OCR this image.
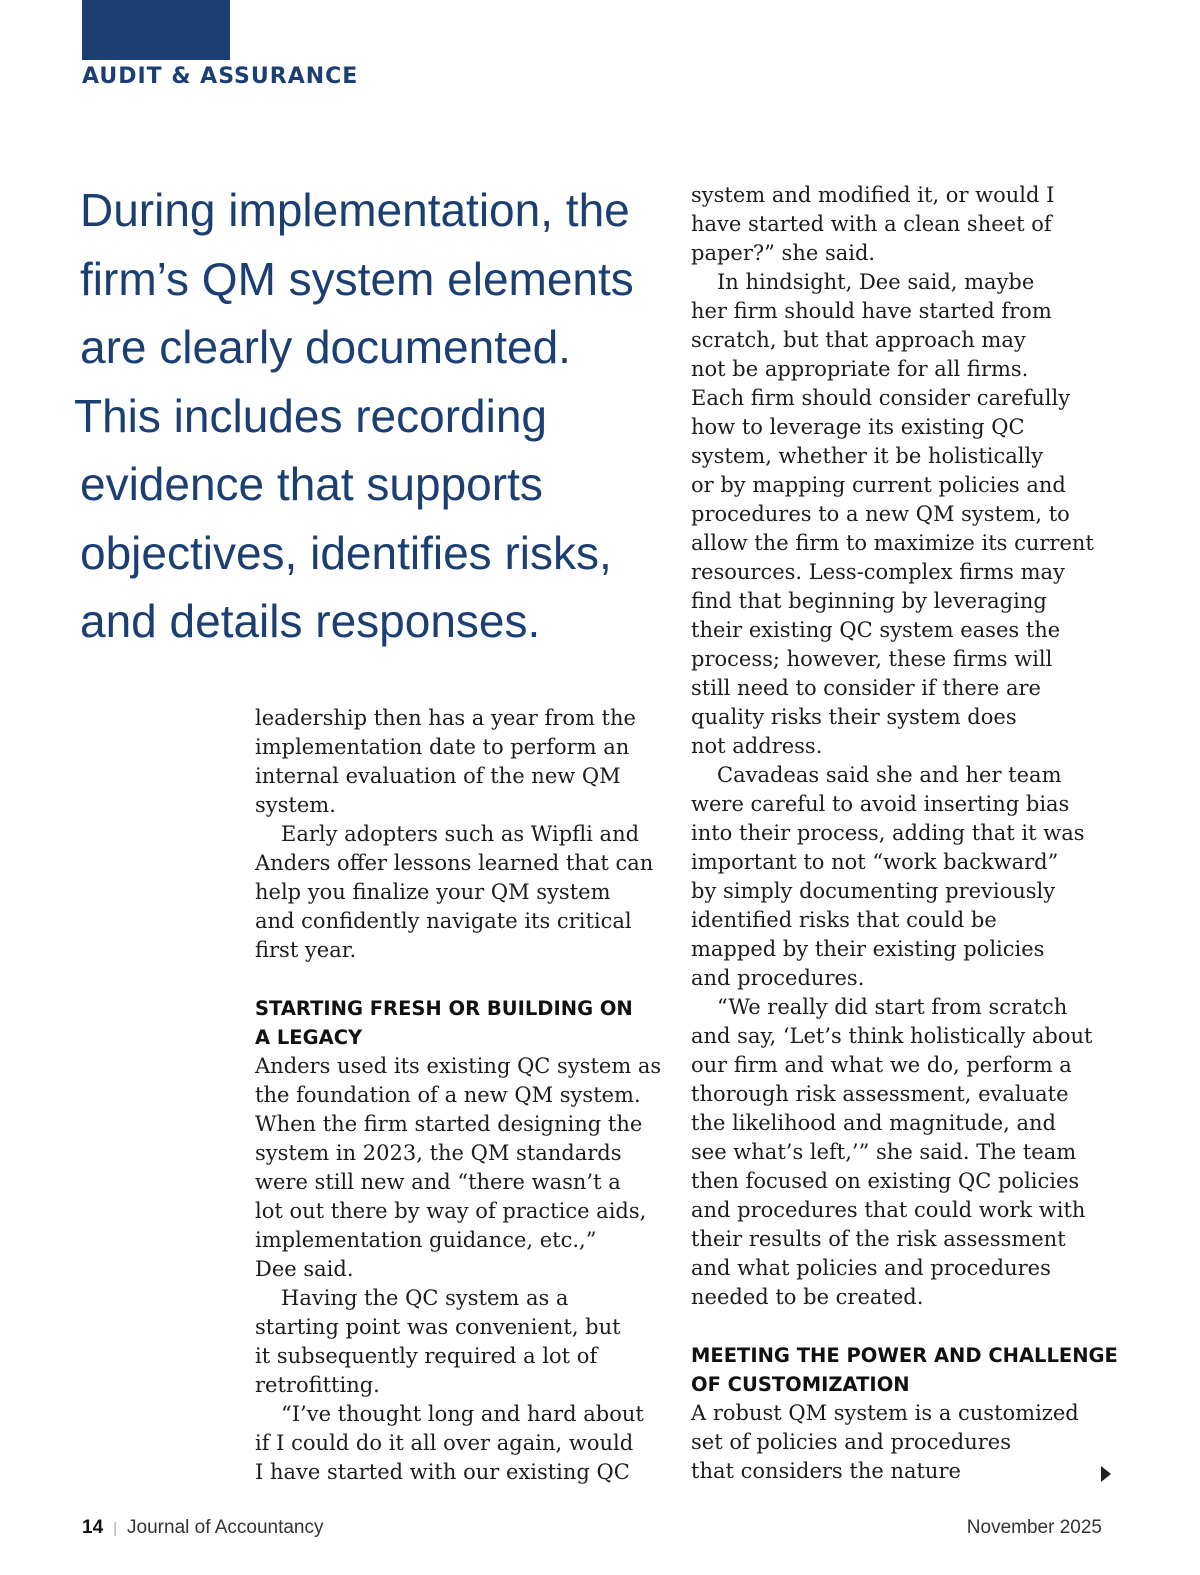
AUDIT & ASSURANCE
During implementation, the
firm’s QM system elements
are clearly documented.
This includes recording
evidence that supports
objectives, identifies risks,
and details responses.

leadership then has a year from the
implementation date to perform an
internal evaluation of the new QM
system.

Early adopters such as Wipfli and
Anders offer lessons learned that can
help you finalize your QM system
and confidently navigate its critical
first year.

STARTING FRESH OR BUILDING ON
A LEGACY

Anders used its existing QC system as
the foundation of a new QM system.
When the firm started designing the
system in 2023, the QM standards
were still new and “there wasn’t a
lot out there by way of practice aids,
implementation guidance, etc.,”
Dee said.

Having the QC system as a
starting point was convenient, but
it subsequently required a lot of
retrofitting.

“I’ve thought long and hard about
if I could do it all over again, would
I have started with our existing QC

system and modified it, or would I
have started with a clean sheet of
paper?” she said.

In hindsight, Dee said, maybe
her firm should have started from
scratch, but that approach may
not be appropriate for all firms.
Each firm should consider carefully
how to leverage its existing QC
system, whether it be holistically
or by mapping current policies and
procedures to a new QM system, to
allow the firm to maximize its current
resources. Less-complex firms may
find that beginning by leveraging
their existing QC system eases the
process; however, these firms will
still need to consider if there are
quality risks their system does
not address.

Cavadeas said she and her team
were careful to avoid inserting bias
into their process, adding that it was
important to not “work backward”
by simply documenting previously
identified risks that could be
mapped by their existing policies
and procedures.

“We really did start from scratch
and say, ‘Let’s think holistically about
our firm and what we do, perform a
thorough risk assessment, evaluate
the likelihood and magnitude, and
see what’s left,’” she said. The team
then focused on existing QC policies
and procedures that could work with
their results of the risk assessment
and what policies and procedures
needed to be created.

MEETING THE POWER AND CHALLENGE
OF CUSTOMIZATION

A robust QM system is a customized
set of policies and procedures
that considers the nature

14 | Journal of Accountancy	November 2025
